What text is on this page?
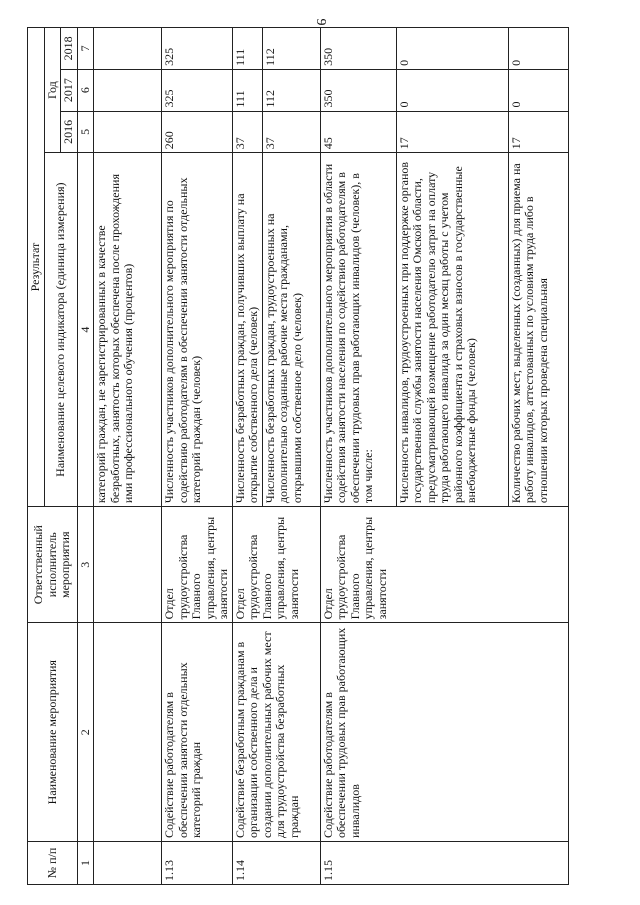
9
№ п/п	Наименование мероприятия	Ответственный исполнитель мероприятия	Результат			
			Наименование целевого индикатора (единица измерения)	Год		
				2016	2017	2018
1	2	3	4	5	6	7
			категорий граждан, не зарегистрированных в качестве безработных, занятость которых обеспечена после прохождения ими профессионального обучения (процентов)			
1.13	Содействие работодателям в обеспечении занятости отдельных категорий граждан	Отдел трудоустройства Главного управления, центры занятости	Численность участников дополнительного мероприятия по содействию работодателям в обеспечении занятости отдельных категорий граждан (человек)	260	325	325
1.14	Содействие безработным гражданам в организации собственного дела и создании дополнительных рабочих мест для трудоустройства безработных граждан	Отдел трудоустройства Главного управления, центры занятости	Численность безработных граждан, получивших выплату на открытие собственного дела (человек)	37	111	111
			Численность безработных граждан, трудоустроенных на дополнительно созданные рабочие места гражданами, открывшими собственное дело (человек)	37	112	112
1.15	Содействие работодателям в обеспечении трудовых прав работающих инвалидов	Отдел трудоустройства Главного управления, центры занятости	Численность участников дополнительного мероприятия в области содействия занятости населения по содействию работодателям в обеспечении трудовых прав работающих инвалидов (человек), в том числе:	45	350	350
			Численность инвалидов, трудоустроенных при поддержке органов государственной службы занятости населения Омской области, предусматривающей возмещение работодателю затрат на оплату труда работающего инвалида за один месяц работы с учетом районного коэффициента и страховых взносов в государственные внебюджетные фонды (человек)	17	0	0
			Количество рабочих мест, выделенных (созданных) для приема на работу инвалидов, аттестованных по условиям труда либо в отношении которых проведена специальная	17	0	0
